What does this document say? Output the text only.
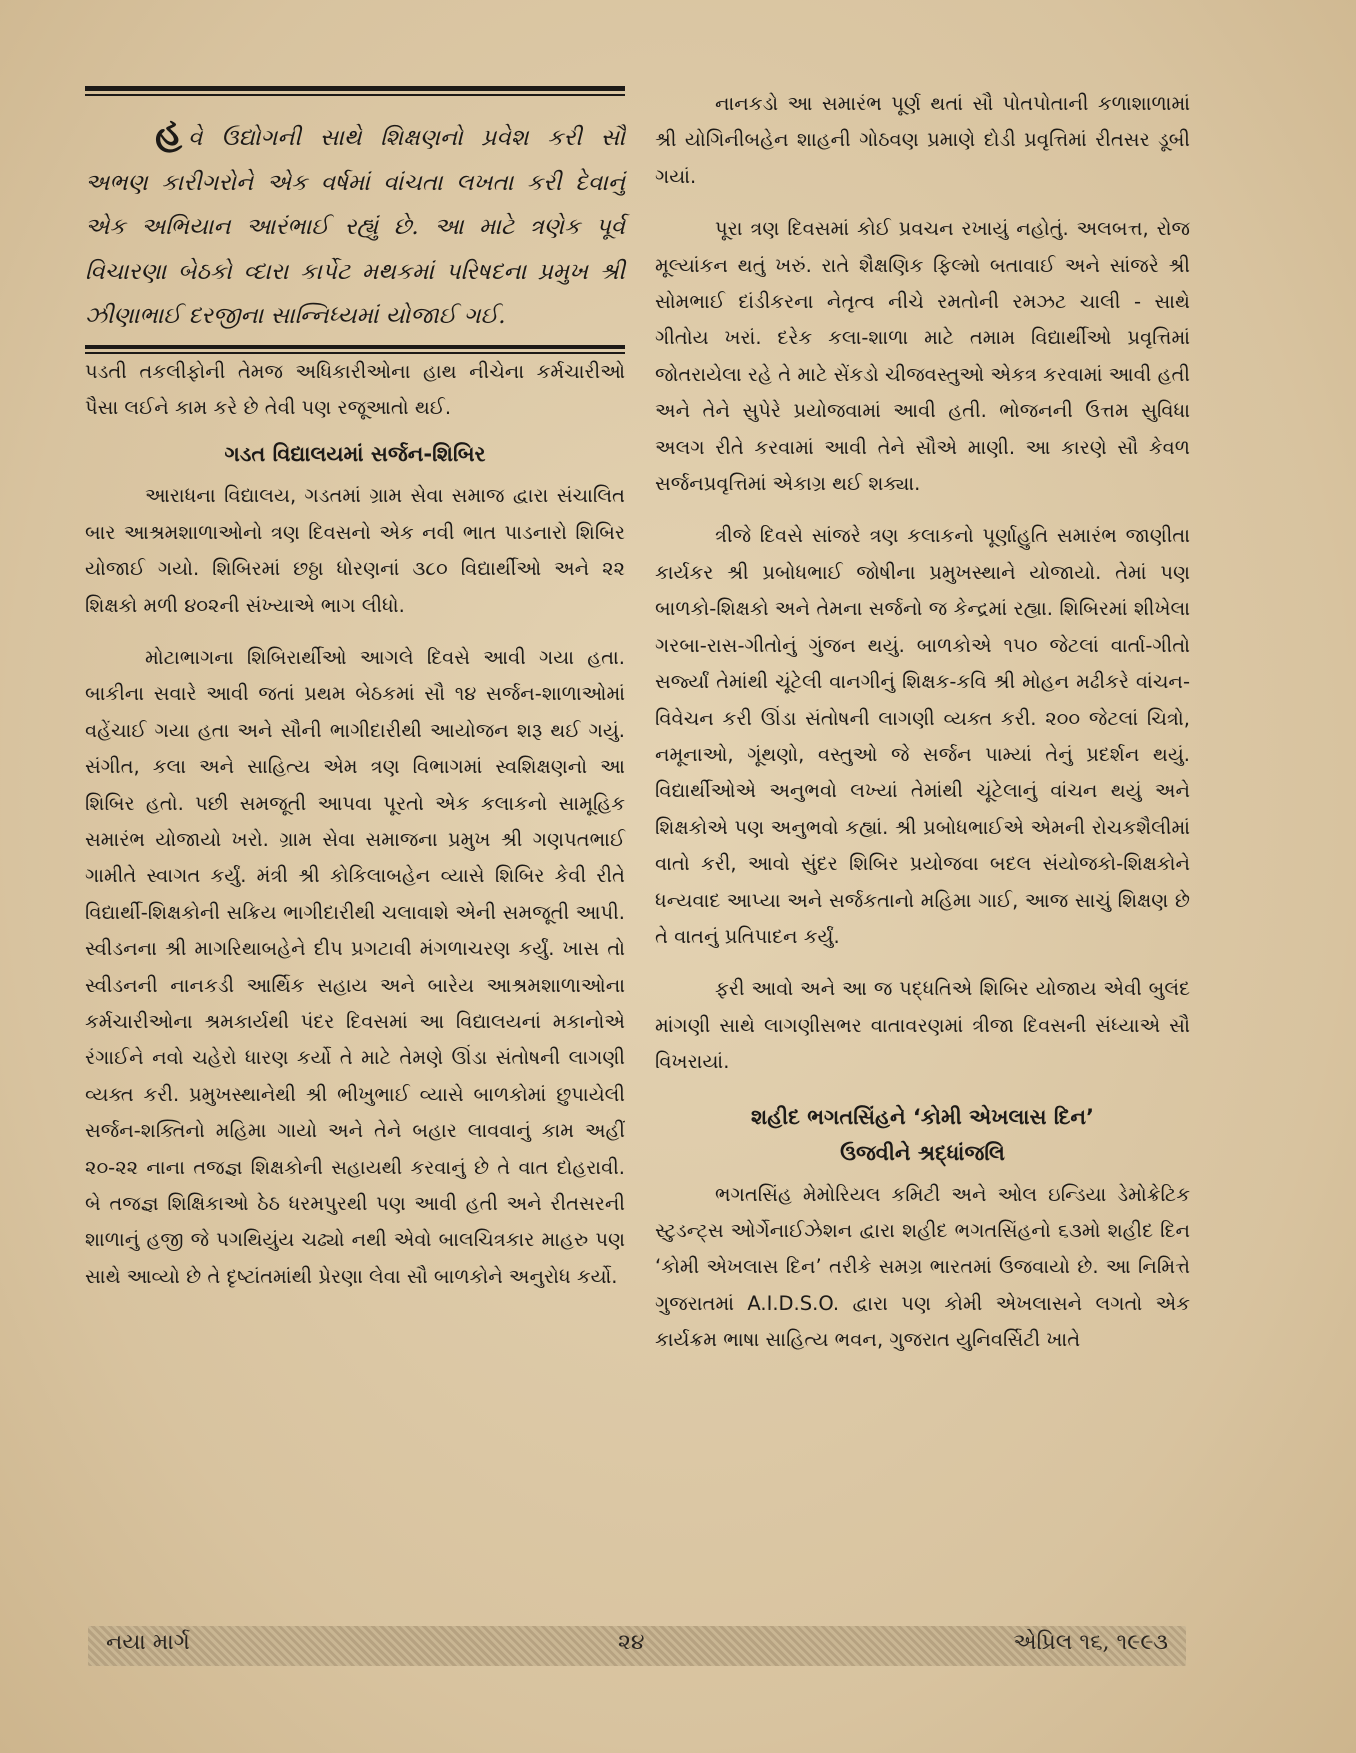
હવે ઉદ્યોગની સાથે શિક્ષણનો પ્રવેશ કરી સૌ અભણ કારીગરોને એક વર્ષમાં વાંચતા લખતા કરી દેવાનું એક અભિયાન આરંભાઈ રહ્યું છે. આ માટે ત્રણેક પૂર્વ વિચારણા બેઠકો વ્દારા કાર્પેટ મથકમાં પરિષદના પ્રમુખ શ્રી ઝીણાભાઈ દરજીના સાન્નિધ્યમાં યોજાઈ ગઈ.

પડતી તકલીફોની તેમજ અધિકારીઓના હાથ નીચેના કર્મચારીઓ પૈસા લઈને કામ કરે છે તેવી પણ રજૂઆતો થઈ.

ગડત વિદ્યાલયમાં સર્જન-શિબિર

આરાધના વિદ્યાલય, ગડતમાં ગ્રામ સેવા સમાજ દ્વારા સંચાલિત બાર આશ્રમશાળાઓનો ત્રણ દિવસનો એક નવી ભાત પાડનારો શિબિર યોજાઈ ગયો. શિબિરમાં છઠ્ઠા ધોરણનાં ૩૮૦ વિદ્યાર્થીઓ અને ૨૨ શિક્ષકો મળી ૪૦૨ની સંખ્યાએ ભાગ લીધો.

મોટાભાગના શિબિરાર્થીઓ આગલે દિવસે આવી ગયા હતા. બાકીના સવારે આવી જતાં પ્રથમ બેઠકમાં સૌ ૧૪ સર્જન-શાળાઓમાં વહેંચાઈ ગયા હતા અને સૌની ભાગીદારીથી આયોજન શરૂ થઈ ગયું. સંગીત, કલા અને સાહિત્ય એમ ત્રણ વિભાગમાં સ્વશિક્ષણનો આ શિબિર હતો. પછી સમજૂતી આપવા પૂરતો એક કલાકનો સામૂહિક સમારંભ યોજાયો ખરો. ગ્રામ સેવા સમાજના પ્રમુખ શ્રી ગણપતભાઈ ગામીતે સ્વાગત કર્યું. મંત્રી શ્રી કોકિલાબહેન વ્યાસે શિબિર કેવી રીતે વિદ્યાર્થી-શિક્ષકોની સક્રિય ભાગીદારીથી ચલાવાશે એની સમજૂતી આપી. સ્વીડનના શ્રી માગરિથાબહેને દીપ પ્રગટાવી મંગળાચરણ કર્યું. ખાસ તો સ્વીડનની નાનકડી આર્થિક સહાય અને બારેય આશ્રમશાળાઓના કર્મચારીઓના શ્રમકાર્યથી પંદર દિવસમાં આ વિદ્યાલયનાં મકાનોએ રંગાઈને નવો ચહેરો ધારણ કર્યો તે માટે તેમણે ઊંડા સંતોષની લાગણી વ્યક્ત કરી. પ્રમુખસ્થાનેથી શ્રી ભીખુભાઈ વ્યાસે બાળકોમાં છુપાયેલી સર્જન-શક્તિનો મહિમા ગાયો અને તેને બહાર લાવવાનું કામ અહીં ૨૦-૨૨ નાના તજજ્ઞ શિક્ષકોની સહાયથી કરવાનું છે તે વાત દોહરાવી. બે તજજ્ઞ શિક્ષિકાઓ ઠેઠ ધરમપુરથી પણ આવી હતી અને રીતસરની શાળાનું હજી જે પગથિયુંય ચઢ્યો નથી એવો બાલચિત્રકાર માહરુ પણ સાથે આવ્યો છે તે દૃષ્ટાંતમાંથી પ્રેરણા લેવા સૌ બાળકોને અનુરોધ કર્યો.

નાનકડો આ સમારંભ પૂર્ણ થતાં સૌ પોતપોતાની કળાશાળામાં શ્રી યોગિનીબહેન શાહની ગોઠવણ પ્રમાણે દોડી પ્રવૃત્તિમાં રીતસર ડૂબી ગયાં.

પૂરા ત્રણ દિવસમાં કોઈ પ્રવચન રખાયું નહોતું. અલબત્ત, રોજ મૂલ્યાંકન થતું ખરું. રાતે શૈક્ષણિક ફિલ્મો બતાવાઈ અને સાંજરે શ્રી સોમભાઈ દાંડીકરના નેતૃત્વ નીચે રમતોની રમઝટ ચાલી - સાથે ગીતોય ખરાં. દરેક કલા-શાળા માટે તમામ વિદ્યાર્થીઓ પ્રવૃત્તિમાં જોતરાયેલા રહે તે માટે સેંકડો ચીજવસ્તુઓ એકત્ર કરવામાં આવી હતી અને તેને સુપેરે પ્રયોજવામાં આવી હતી. ભોજનની ઉત્તમ સુવિધા અલગ રીતે કરવામાં આવી તેને સૌએ માણી. આ કારણે સૌ કેવળ સર્જનપ્રવૃત્તિમાં એકાગ્ર થઈ શક્યા.

ત્રીજે દિવસે સાંજરે ત્રણ કલાકનો પૂર્ણાહુતિ સમારંભ જાણીતા કાર્યકર શ્રી પ્રબોધભાઈ જોષીના પ્રમુખસ્થાને યોજાયો. તેમાં પણ બાળકો-શિક્ષકો અને તેમના સર્જનો જ કેન્દ્રમાં રહ્યા. શિબિરમાં શીખેલા ગરબા-રાસ-ગીતોનું ગુંજન થયું. બાળકોએ ૧૫૦ જેટલાં વાર્તા-ગીતો સર્જ્યાં તેમાંથી ચૂંટેલી વાનગીનું શિક્ષક-કવિ શ્રી મોહન મઢીકરે વાંચન-વિવેચન કરી ઊંડા સંતોષની લાગણી વ્યક્ત કરી. ૨૦૦ જેટલાં ચિત્રો, નમૂનાઓ, ગૂંથણો, વસ્તુઓ જે સર્જન પામ્યાં તેનું પ્રદર્શન થયું. વિદ્યાર્થીઓએ અનુભવો લખ્યાં તેમાંથી ચૂંટેલાનું વાંચન થયું અને શિક્ષકોએ પણ અનુભવો કહ્યાં. શ્રી પ્રબોધભાઈએ એમની રોચકશૈલીમાં વાતો કરી, આવો સુંદર શિબિર પ્રયોજવા બદલ સંયોજકો-શિક્ષકોને ધન્યવાદ આપ્યા અને સર્જકતાનો મહિમા ગાઈ, આજ સાચું શિક્ષણ છે તે વાતનું પ્રતિપાદન કર્યું.

ફરી આવો અને આ જ પદ્ધતિએ શિબિર યોજાય એવી બુલંદ માંગણી સાથે લાગણીસભર વાતાવરણમાં ત્રીજા દિવસની સંધ્યાએ સૌ વિખરાયાં.

શહીદ ભગતસિંહને ‘કોમી એખલાસ દિન’
ઉજવીને શ્રદ્ધાંજલિ

ભગતસિંહ મેમોરિયલ કમિટી અને ઓલ ઇન્ડિયા ડેમોક્રેટિક સ્ટુડન્ટ્સ ઓર્ગેનાઈઝેશન દ્વારા શહીદ ભગતસિંહનો ૬૩મો શહીદ દિન ‘કોમી એખલાસ દિન’ તરીકે સમગ્ર ભારતમાં ઉજવાયો છે. આ નિમિત્તે ગુજરાતમાં A.I.D.S.O. દ્વારા પણ કોમી એખલાસને લગતો એક કાર્યક્રમ ભાષા સાહિત્ય ભવન, ગુજરાત યુનિવર્સિટી ખાતે

નયા માર્ગ	૨૪	એપ્રિલ ૧૬, ૧૯૯૩
